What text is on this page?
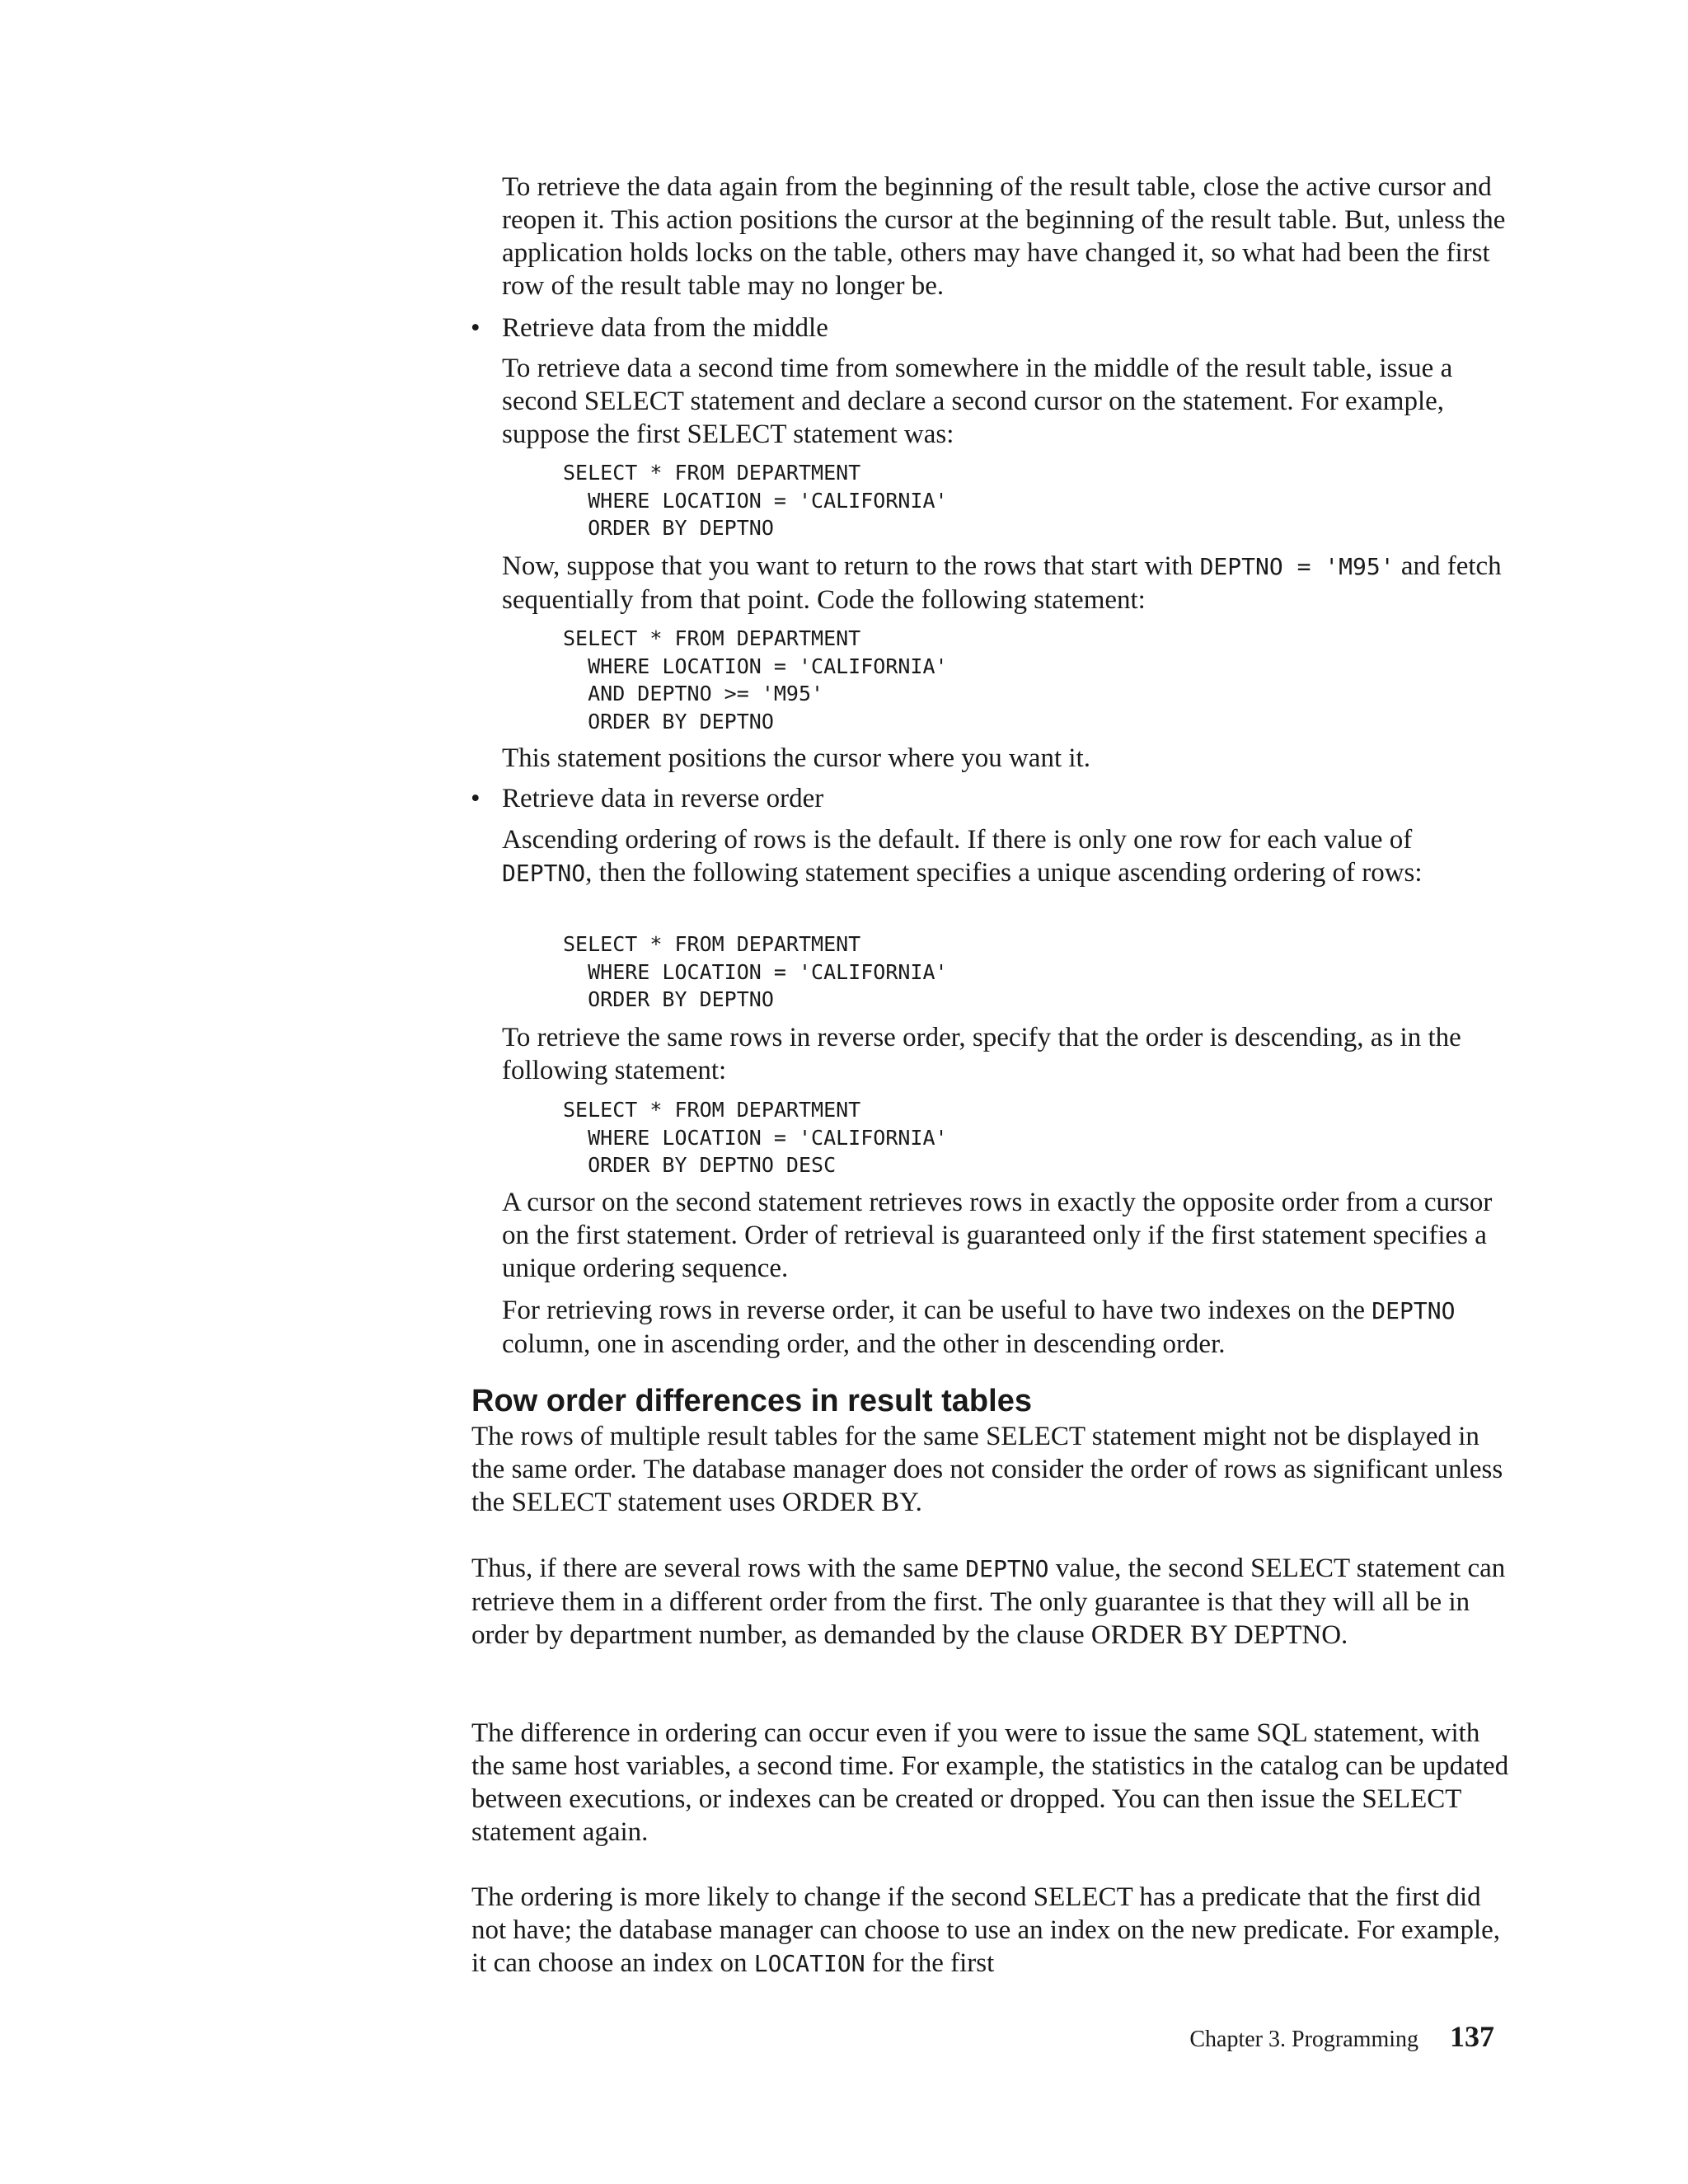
To retrieve the data again from the beginning of the result table, close the active cursor and reopen it. This action positions the cursor at the beginning of the result table. But, unless the application holds locks on the table, others may have changed it, so what had been the first row of the result table may no longer be.

• Retrieve data from the middle

To retrieve data a second time from somewhere in the middle of the result table, issue a second SELECT statement and declare a second cursor on the statement. For example, suppose the first SELECT statement was:

SELECT * FROM DEPARTMENT
WHERE LOCATION = 'CALIFORNIA'
ORDER BY DEPTNO

Now, suppose that you want to return to the rows that start with DEPTNO = 'M95' and fetch sequentially from that point. Code the following statement:

SELECT * FROM DEPARTMENT
WHERE LOCATION = 'CALIFORNIA'
AND DEPTNO >= 'M95'
ORDER BY DEPTNO

This statement positions the cursor where you want it.

• Retrieve data in reverse order

Ascending ordering of rows is the default. If there is only one row for each value of DEPTNO, then the following statement specifies a unique ascending ordering of rows:

SELECT * FROM DEPARTMENT
WHERE LOCATION = 'CALIFORNIA'
ORDER BY DEPTNO

To retrieve the same rows in reverse order, specify that the order is descending, as in the following statement:

SELECT * FROM DEPARTMENT
WHERE LOCATION = 'CALIFORNIA'
ORDER BY DEPTNO DESC

A cursor on the second statement retrieves rows in exactly the opposite order from a cursor on the first statement. Order of retrieval is guaranteed only if the first statement specifies a unique ordering sequence.

For retrieving rows in reverse order, it can be useful to have two indexes on the DEPTNO column, one in ascending order, and the other in descending order.

Row order differences in result tables

The rows of multiple result tables for the same SELECT statement might not be displayed in the same order. The database manager does not consider the order of rows as significant unless the SELECT statement uses ORDER BY.

Thus, if there are several rows with the same DEPTNO value, the second SELECT statement can retrieve them in a different order from the first. The only guarantee is that they will all be in order by department number, as demanded by the clause ORDER BY DEPTNO.

The difference in ordering can occur even if you were to issue the same SQL statement, with the same host variables, a second time. For example, the statistics in the catalog can be updated between executions, or indexes can be created or dropped. You can then issue the SELECT statement again.

The ordering is more likely to change if the second SELECT has a predicate that the first did not have; the database manager can choose to use an index on the new predicate. For example, it can choose an index on LOCATION for the first

Chapter 3. Programming 137
